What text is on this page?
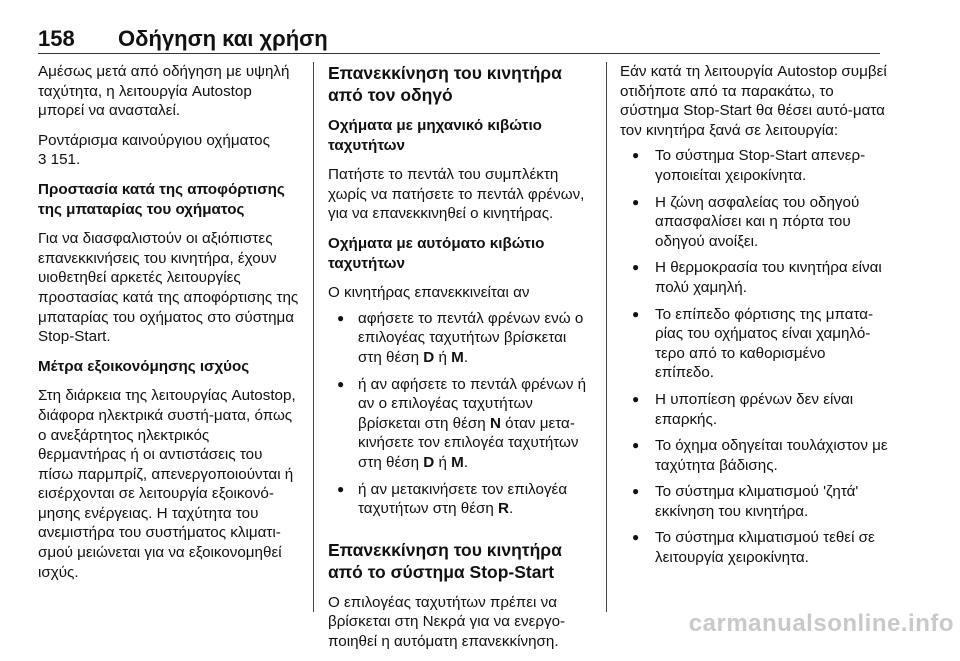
158 Οδήγηση και χρήση

Αμέσως μετά από οδήγηση με υψηλή ταχύτητα, η λειτουργία Autostop μπορεί να ανασταλεί.

Ροντάρισμα καινούργιου οχήματος
3 151.

Προστασία κατά της αποφόρτισης της μπαταρίας του οχήματος

Για να διασφαλιστούν οι αξιόπιστες επανεκκινήσεις του κινητήρα, έχουν υιοθετηθεί αρκετές λειτουργίες προστασίας κατά της αποφόρτισης της μπαταρίας του οχήματος στο σύστημα Stop-Start.

Μέτρα εξοικονόμησης ισχύος

Στη διάρκεια της λειτουργίας Autostop, διάφορα ηλεκτρικά συστή-ματα, όπως ο ανεξάρτητος ηλεκτρικός θερμαντήρας ή οι αντιστάσεις του πίσω παρμπρίζ, απενεργοποιούνται ή εισέρχονται σε λειτουργία εξοικονό-μησης ενέργειας. Η ταχύτητα του ανεμιστήρα του συστήματος κλιματι-σμού μειώνεται για να εξοικονομηθεί ισχύς.

Επανεκκίνηση του κινητήρα από τον οδηγό

Οχήματα με μηχανικό κιβώτιο ταχυτήτων

Πατήστε το πεντάλ του συμπλέκτη χωρίς να πατήσετε το πεντάλ φρένων, για να επανεκκινηθεί ο κινητήρας.

Οχήματα με αυτόματο κιβώτιο ταχυτήτων

Ο κινητήρας επανεκκινείται αν

● αφήσετε το πεντάλ φρένων ενώ ο επιλογέας ταχυτήτων βρίσκεται στη θέση D ή M.
● ή αν αφήσετε το πεντάλ φρένων ή αν ο επιλογέας ταχυτήτων βρίσκεται στη θέση N όταν μετα-κινήσετε τον επιλογέα ταχυτήτων στη θέση D ή M.
● ή αν μετακινήσετε τον επιλογέα ταχυτήτων στη θέση R.

Επανεκκίνηση του κινητήρα από το σύστημα Stop-Start

Ο επιλογέας ταχυτήτων πρέπει να βρίσκεται στη Νεκρά για να ενεργο-ποιηθεί η αυτόματη επανεκκίνηση.

Εάν κατά τη λειτουργία Autostop συμβεί οτιδήποτε από τα παρακάτω, το σύστημα Stop-Start θα θέσει αυτό-ματα τον κινητήρα ξανά σε λειτουργία:

● Το σύστημα Stop-Start απενερ-γοποιείται χειροκίνητα.
● Η ζώνη ασφαλείας του οδηγού απασφαλίσει και η πόρτα του οδηγού ανοίξει.
● Η θερμοκρασία του κινητήρα είναι πολύ χαμηλή.
● Το επίπεδο φόρτισης της μπατα-ρίας του οχήματος είναι χαμηλό-τερο από το καθορισμένο επίπεδο.
● Η υποπίεση φρένων δεν είναι επαρκής.
● Το όχημα οδηγείται τουλάχιστον με ταχύτητα βάδισης.
● Το σύστημα κλιματισμού 'ζητά' εκκίνηση του κινητήρα.
● Το σύστημα κλιματισμού τεθεί σε λειτουργία χειροκίνητα.
carmanualsonline.info
